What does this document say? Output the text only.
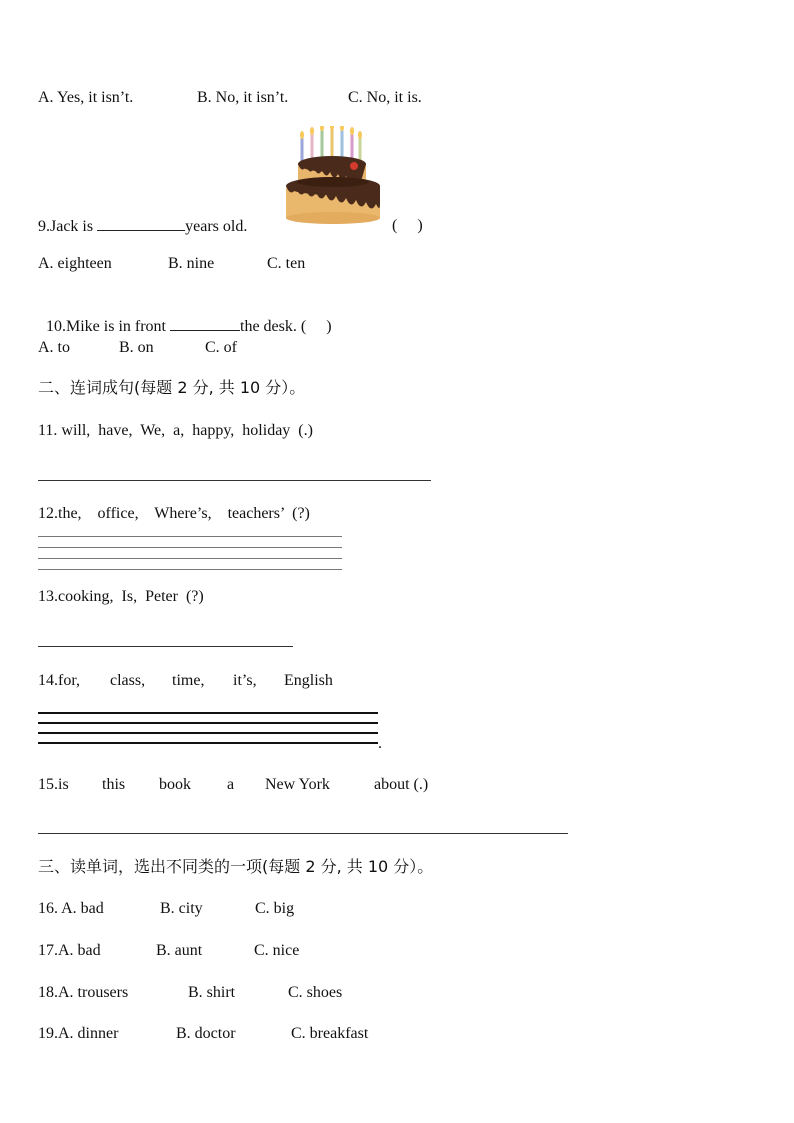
A. Yes, it isn’t.	B. No, it isn’t.	C. No, it is.
9.Jack is	years old.	(     )
A. eighteen	B. nine	C. ten

10.Mike is in front	the desk. (     )

A. to	B. on	C. of
二、连词成句(每题 2 分, 共 10 分）。
11. will,  have,  We,  a,  happy,  holiday  (.)
12.the,    office,    Where’s,    teachers’  (?)
13.cooking,  Is,  Peter  (?)
14.for, class, time, it’s, English
.
15.is this book a New York	about (.)
三、读单词，选出不同类的一项(每题 2 分, 共 10 分）。
16. A. bad	B. city	C. big
17.A. bad	B. aunt	C. nice
18.A. trousers	B. shirt	C. shoes
19.A. dinner	B. doctor	C. breakfast
